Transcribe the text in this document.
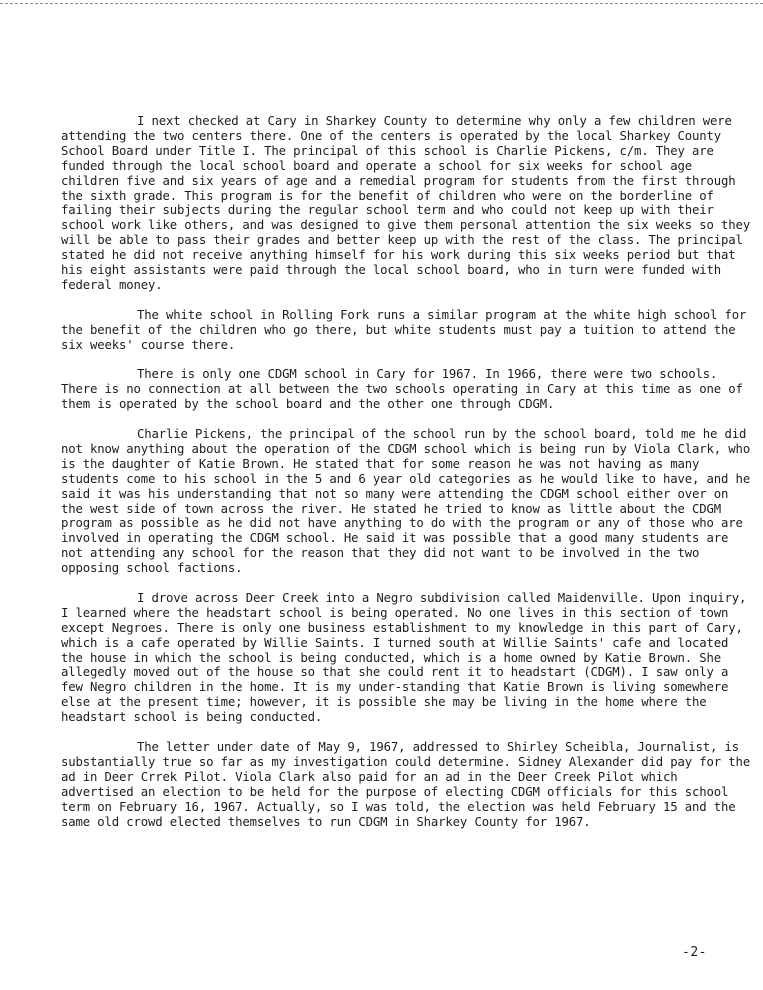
I next checked at Cary in Sharkey County to determine why only a few children were attending the two centers there. One of the centers is operated by the local Sharkey County School Board under Title I. The principal of this school is Charlie Pickens, c/m. They are funded through the local school board and operate a school for six weeks for school age children five and six years of age and a remedial program for students from the first through the sixth grade. This program is for the benefit of children who were on the borderline of failing their subjects during the regular school term and who could not keep up with their school work like others, and was designed to give them personal attention the six weeks so they will be able to pass their grades and better keep up with the rest of the class. The principal stated he did not receive anything himself for his work during this six weeks period but that his eight assistants were paid through the local school board, who in turn were funded with federal money.

The white school in Rolling Fork runs a similar program at the white high school for the benefit of the children who go there, but white students must pay a tuition to attend the six weeks' course there.

There is only one CDGM school in Cary for 1967. In 1966, there were two schools. There is no connection at all between the two schools operating in Cary at this time as one of them is operated by the school board and the other one through CDGM.

Charlie Pickens, the principal of the school run by the school board, told me he did not know anything about the operation of the CDGM school which is being run by Viola Clark, who is the daughter of Katie Brown. He stated that for some reason he was not having as many students come to his school in the 5 and 6 year old categories as he would like to have, and he said it was his understanding that not so many were attending the CDGM school either over on the west side of town across the river. He stated he tried to know as little about the CDGM program as possible as he did not have anything to do with the program or any of those who are involved in operating the CDGM school. He said it was possible that a good many students are not attending any school for the reason that they did not want to be involved in the two opposing school factions.

I drove across Deer Creek into a Negro subdivision called Maidenville. Upon inquiry, I learned where the headstart school is being operated. No one lives in this section of town except Negroes. There is only one business establishment to my knowledge in this part of Cary, which is a cafe operated by Willie Saints. I turned south at Willie Saints' cafe and located the house in which the school is being conducted, which is a home owned by Katie Brown. She allegedly moved out of the house so that she could rent it to headstart (CDGM). I saw only a few Negro children in the home. It is my under-standing that Katie Brown is living somewhere else at the present time; however, it is possible she may be living in the home where the headstart school is being conducted.

The letter under date of May 9, 1967, addressed to Shirley Scheibla, Journalist, is substantially true so far as my investigation could determine. Sidney Alexander did pay for the ad in Deer Crrek Pilot. Viola Clark also paid for an ad in the Deer Creek Pilot which advertised an election to be held for the purpose of electing CDGM officials for this school term on February 16, 1967. Actually, so I was told, the election was held February 15 and the same old crowd elected themselves to run CDGM in Sharkey County for 1967.

-2-
